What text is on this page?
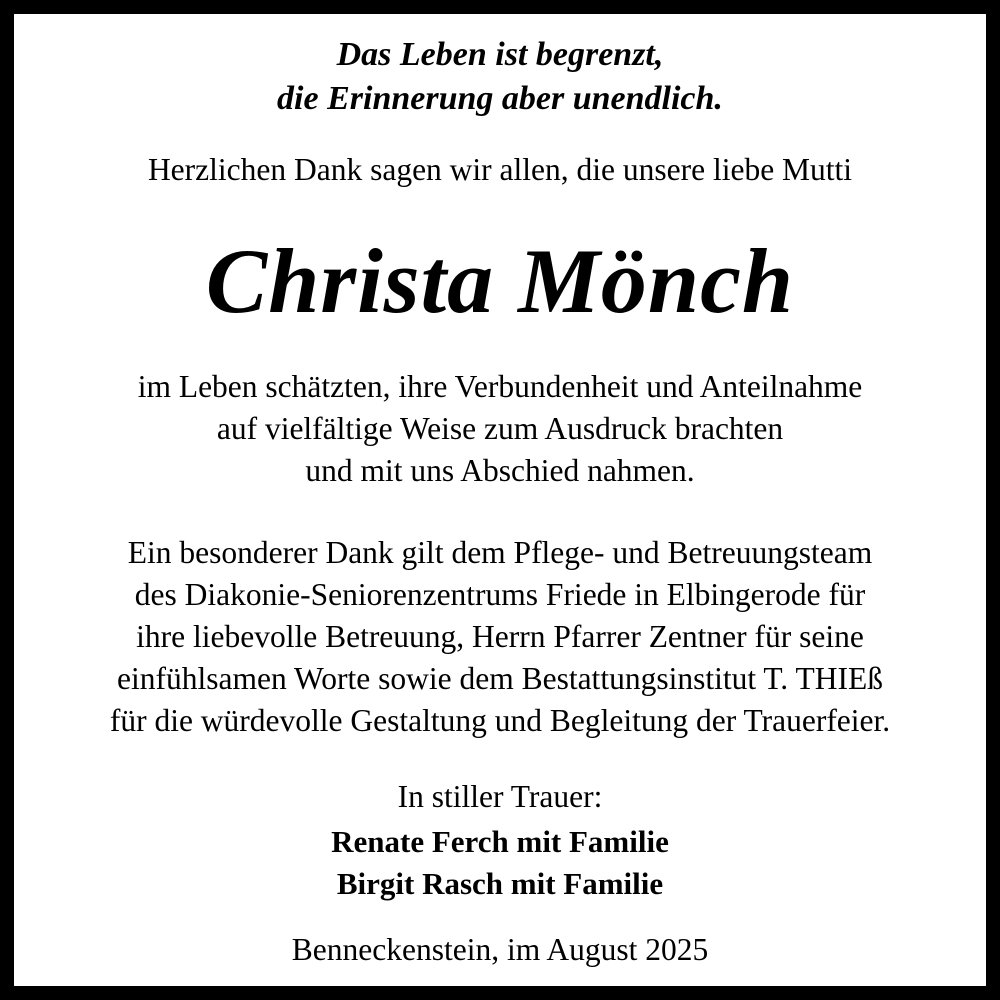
Das Leben ist begrenzt,
die Erinnerung aber unendlich.
Herzlichen Dank sagen wir allen, die unsere liebe Mutti
Christa Mönch
im Leben schätzten, ihre Verbundenheit und Anteilnahme
auf vielfältige Weise zum Ausdruck brachten
und mit uns Abschied nahmen.
Ein besonderer Dank gilt dem Pflege- und Betreuungsteam
des Diakonie-Seniorenzentrums Friede in Elbingerode für
ihre liebevolle Betreuung, Herrn Pfarrer Zentner für seine
einfühlsamen Worte sowie dem Bestattungsinstitut T. THIEß
für die würdevolle Gestaltung und Begleitung der Trauerfeier.
In stiller Trauer:
Renate Ferch mit Familie
Birgit Rasch mit Familie
Benneckenstein, im August 2025
